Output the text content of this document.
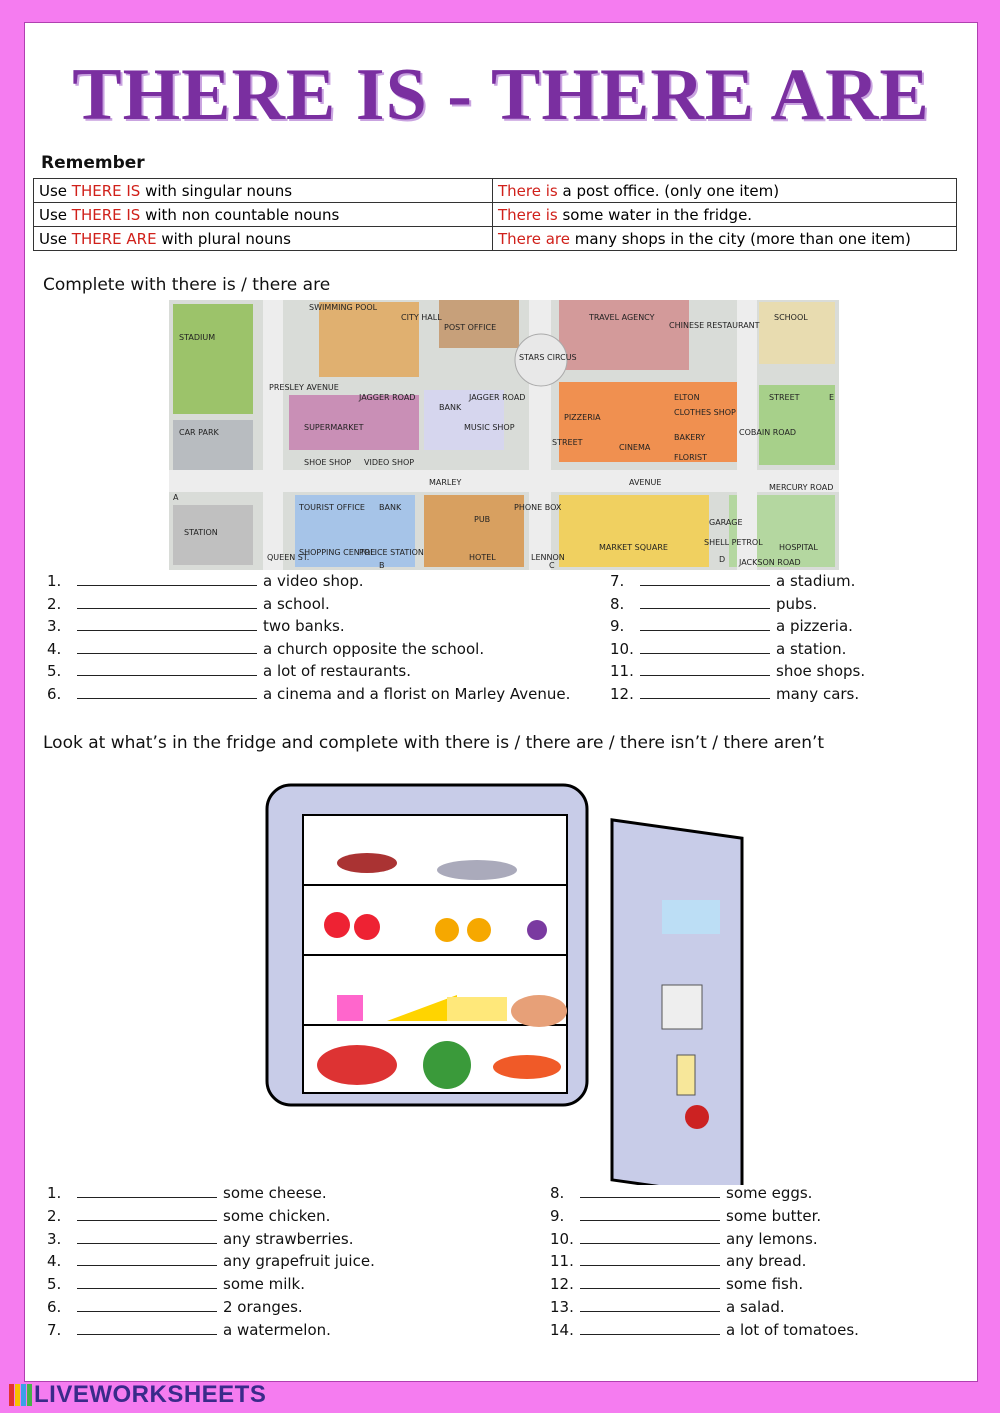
THERE IS - THERE ARE
Remember
Use THERE IS with singular nouns	There is a post office. (only one item)
Use THERE IS with non countable nouns	There is some water in the fridge.
Use THERE ARE with plural nouns	There are many shops in the city (more than one item)
Complete with there is / there are
STADIUM
SWIMMING POOL
CITY HALL
POST OFFICE
TRAVEL AGENCY
CHINESE RESTAURANT
SCHOOL
STARS CIRCUS
JAGGER ROAD
SUPERMARKET
BANK
MUSIC SHOP
PIZZERIA
ELTON	STREET
CLOTHES SHOP
BAKERY
CINEMA
FLORIST
CAR PARK
SHOE SHOP VIDEO SHOP
MARLEY	AVENUE
MERCURY ROAD
TOURIST OFFICE BANK
PUB
PHONE BOX
GARAGE
STATION
QUEEN ST.
SHOPPING CENTRE
POLICE STATION
HOTEL	LENNON
MARKET SQUARE
SHELL PETROL
JACKSON ROAD
HOSPITAL
PRESLEY AVENUE
STREET
COBAIN ROAD
JAGGER ROAD
A
B	C
D
E
1.	a video shop.
2.	a school.
3.	two banks.
4.	a church opposite the school.
5.	a lot of restaurants.
6.	a cinema and a florist on Marley Avenue.
7.	a stadium.
8.	pubs.
9.	a pizzeria.
10.	a station.
11.	shoe shops.
12.	many cars.
Look at what’s in the fridge and complete with there is / there are / there isn’t / there aren’t
1.	some cheese.
2.	some chicken.
3.	any strawberries.
4.	any grapefruit juice.
5.	some milk.
6.	2 oranges.
7.	a watermelon.
8.	some eggs.
9.	some butter.
10.	any lemons.
11.	any bread.
12.	some fish.
13.	a salad.
14.	a lot of tomatoes.
LIVEWORKSHEETS
